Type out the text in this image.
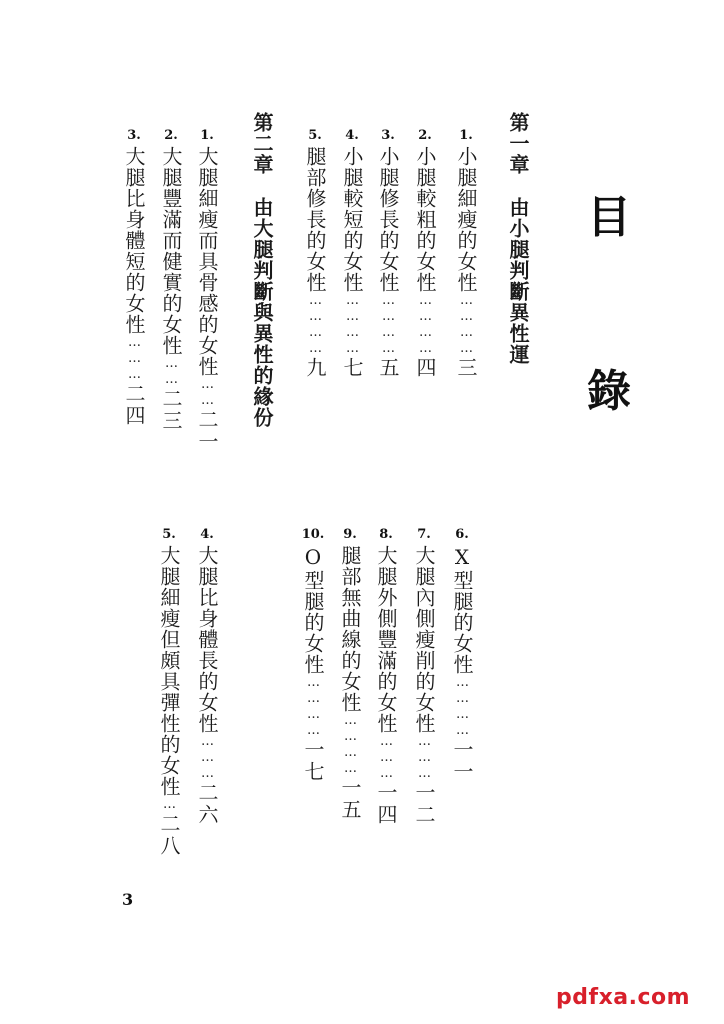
目
錄
第一章由小腿判斷異性運
1.
小腿細瘦的女性
…………
三
2.
小腿較粗的女性
…………
四
3.
小腿修長的女性
…………
五
4.
小腿較短的女性
…………
七
5.
腿部修長的女性
…………
九
第二章由大腿判斷與異性的緣份
1.
大腿細瘦而具骨感的女性
……
二一
2.
大腿豐滿而健實的女性
……
二三
3.
大腿比身體短的女性
………
二四
6.
X型腿的女性
…………
一一
7.
大腿內側瘦削的女性
………
一二
8.
大腿外側豐滿的女性
………
一四
9.
腿部無曲線的女性
…………
一五
10.
O型腿的女性
…………
一七
4.
大腿比身體長的女性
………
二六
5.
大腿細瘦但頗具彈性的女性
…
二八
3
pdfxa.com
